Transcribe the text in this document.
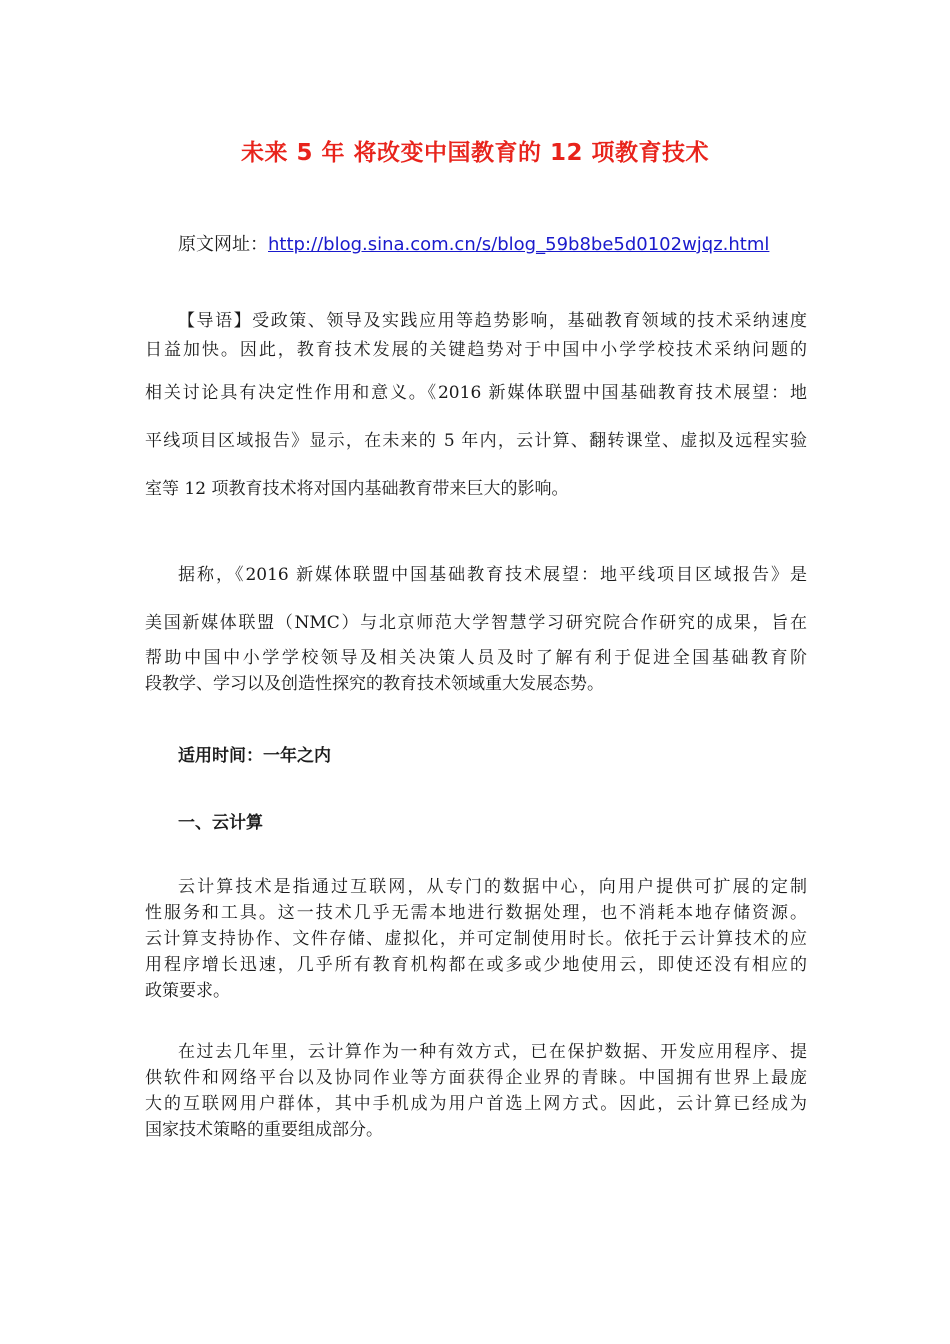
未来 5 年 将改变中国教育的 12 项教育技术
原文网址：http://blog.sina.com.cn/s/blog_59b8be5d0102wjqz.html
【导语】受政策、领导及实践应用等趋势影响，基础教育领域的技术采纳速度
日益加快。因此，教育技术发展的关键趋势对于中国中小学学校技术采纳问题的
相关讨论具有决定性作用和意义。《2016 新媒体联盟中国基础教育技术展望：地
平线项目区域报告》显示，在未来的 5 年内，云计算、翻转课堂、虚拟及远程实验
室等 12 项教育技术将对国内基础教育带来巨大的影响。
据称，《2016 新媒体联盟中国基础教育技术展望：地平线项目区域报告》是
美国新媒体联盟（NMC）与北京师范大学智慧学习研究院合作研究的成果，旨在
帮助中国中小学学校领导及相关决策人员及时了解有利于促进全国基础教育阶
段教学、学习以及创造性探究的教育技术领域重大发展态势。
适用时间：一年之内
一、云计算
云计算技术是指通过互联网，从专门的数据中心，向用户提供可扩展的定制
性服务和工具。这一技术几乎无需本地进行数据处理，也不消耗本地存储资源。
云计算支持协作、文件存储、虚拟化，并可定制使用时长。依托于云计算技术的应
用程序增长迅速，几乎所有教育机构都在或多或少地使用云，即使还没有相应的
政策要求。
在过去几年里，云计算作为一种有效方式，已在保护数据、开发应用程序、提
供软件和网络平台以及协同作业等方面获得企业界的青睐。中国拥有世界上最庞
大的互联网用户群体，其中手机成为用户首选上网方式。因此，云计算已经成为
国家技术策略的重要组成部分。
